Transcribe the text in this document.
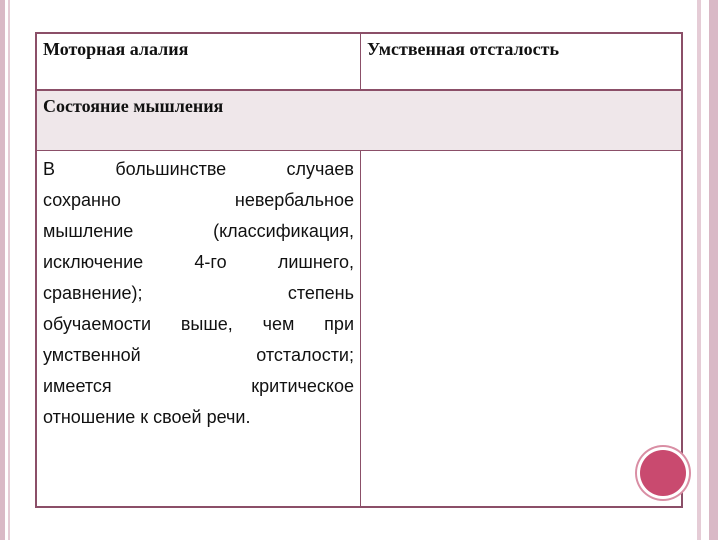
Моторная алалия	Умственная отсталость
Состояние мышления
В большинстве случаев
сохранно невербальное
мышление (классификация,
исключение 4-го лишнего,
сравнение); степень
обучаемости выше, чем при
умственной отсталости;
имеется критическое
отношение к своей речи.
